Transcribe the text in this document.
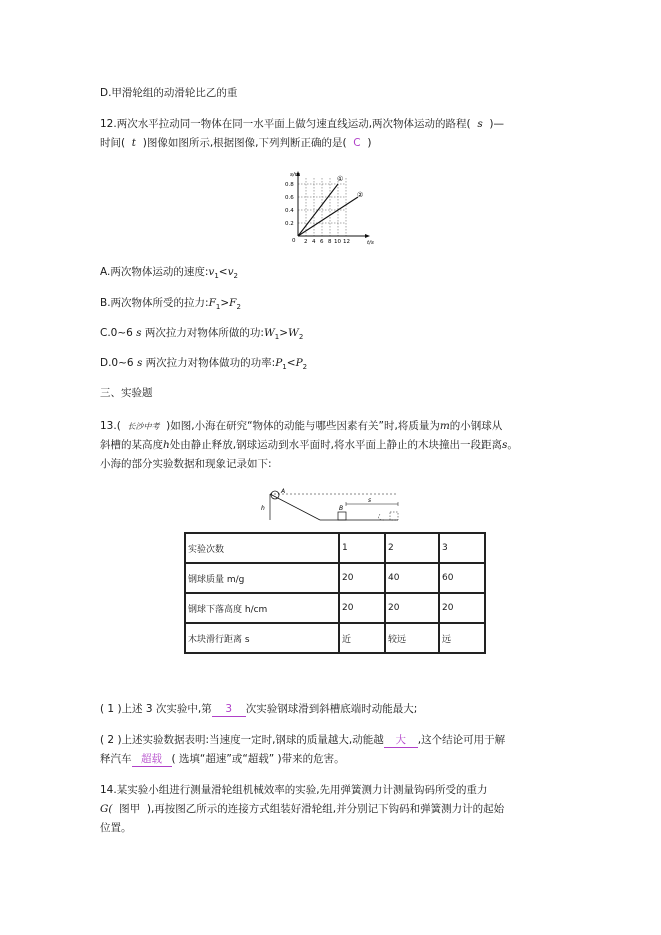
D.甲滑轮组的动滑轮比乙的重
12.两次水平拉动同一物体在同一水平面上做匀速直线运动,两次物体运动的路程( s )—
时间( t )图像如图所示,根据图像,下列判断正确的是( C )
s/m
0.8
0.6
0.4
0.2
0 2 4 6 8 10 12	t/s
①
②
A.两次物体运动的速度$:v_1<v_2$
B.两次物体所受的拉力$:F_1>F_2$
C.0~6 s 两次拉力对物体所做的功$:W_1>W_2$
D.0~6 s 两次拉力对物体做功的功率$:P_1<P_2$
三、实验题
13.( 长沙中考 )如图,小海在研究“物体的动能与哪些因素有关”时,将质量为m的小钢球从
斜槽的某高度h处由静止释放,钢球运动到水平面时,将水平面上静止的木块撞出一段距离s。
小海的部分实验数据和现象记录如下:
A
B
h
s
实验次数	1	2	3
钢球质量 m/g	20	40	60
钢球下落高度 h/cm	20	20	20
木块滑行距离 s	近	较远	远
( 1 )上述 3 次实验中,第 3 次实验钢球滑到斜槽底端时动能最大;
( 2 )上述实验数据表明:当速度一定时,钢球的质量越大,动能越 大 ,这个结论可用于解
释汽车 超载 ( 选填“超速”或“超载” )带来的危害。
14.某实验小组进行测量滑轮组机械效率的实验,先用弹簧测力计测量钩码所受的重力
G( 图甲 ),再按图乙所示的连接方式组装好滑轮组,并分别记下钩码和弹簧测力计的起始
位置。
